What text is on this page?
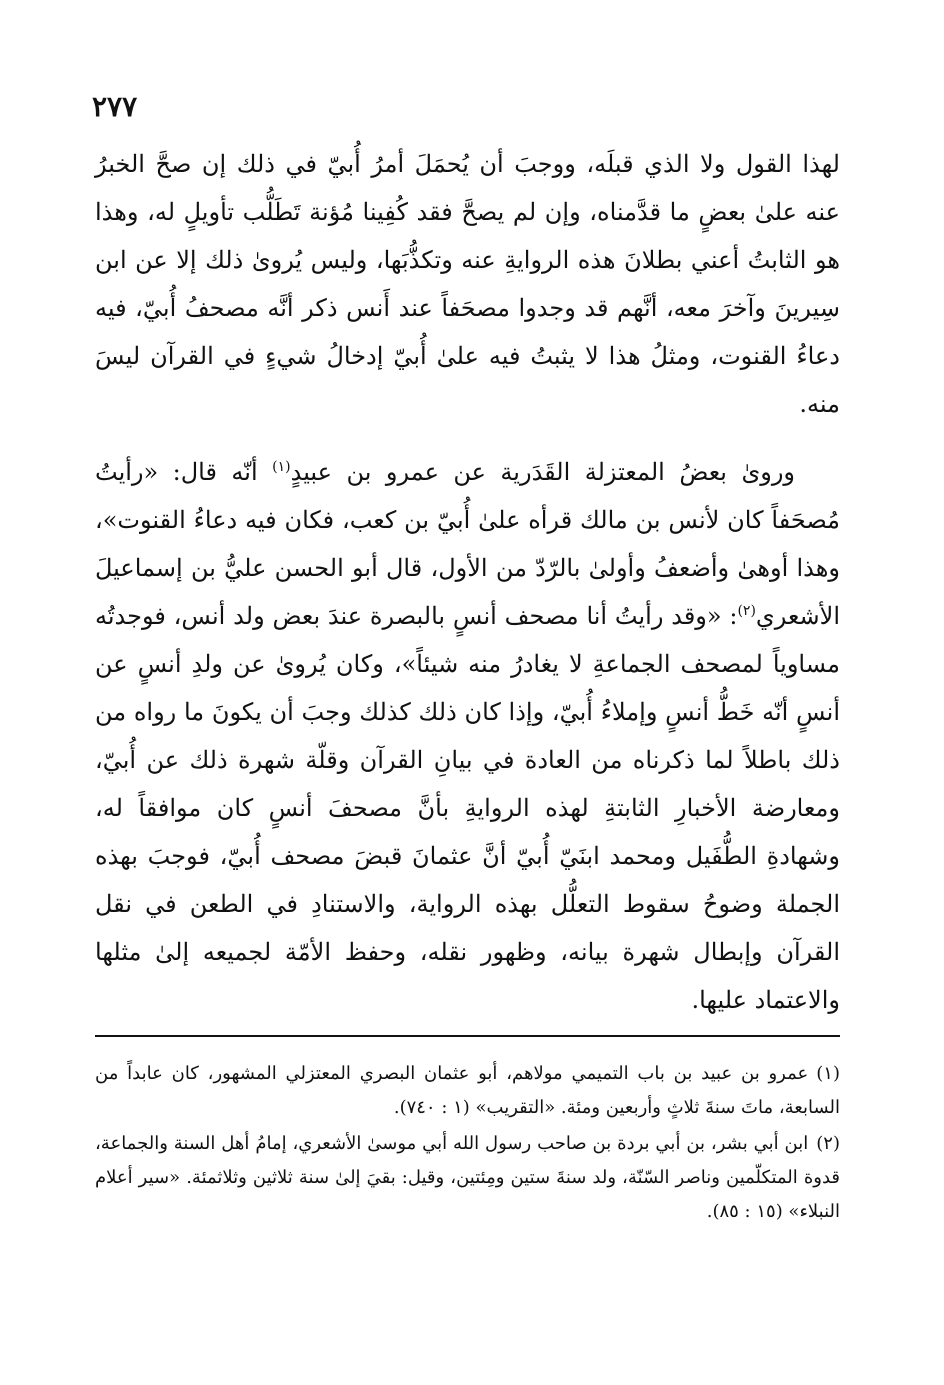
٢٧٧

لهذا القول ولا الذي قبلَه، ووجبَ أن يُحمَلَ أمرُ أُبيّ في ذلك إن صحَّ الخبرُ عنه علىٰ بعضٍ ما قدَّمناه، وإن لم يصحَّ فقد كُفِينا مُؤنة تَطَلُّب تأويلٍ له، وهذا هو الثابتُ أعني بطلانَ هذه الروايةِ عنه وتكذُّبَها، وليس يُروىٰ ذلك إلا عن ابن سِيرينَ وآخرَ معه، أنَّهم قد وجدوا مصحَفاً عند أَنس ذكر أنَّه مصحفُ أُبيّ، فيه دعاءُ القنوت، ومثلُ هذا لا يثبتُ فيه علىٰ أُبيّ إدخالُ شيءٍ في القرآن ليسَ منه.

ورویٰ بعضُ المعتزلة القَدَرية عن عمرو بن عبيدٍ$^{(١)}$ أنّه قال: «رأيتُ مُصحَفاً كان لأنس بن مالك قرأه علىٰ أُبيّ بن كعب، فكان فيه دعاءُ القنوت»، وهذا أوهىٰ وأضعفُ وأولىٰ بالرّدّ من الأول، قال أبو الحسن عليُّ بن إسماعيلَ الأشعري$^{(٢)}$: «وقد رأيتُ أنا مصحف أنسٍ بالبصرة عندَ بعض ولد أنس، فوجدتُه مساوياً لمصحف الجماعةِ لا يغادرُ منه شيئاً»، وكان يُروىٰ عن ولدِ أنسٍ عن أنسٍ أنّه خَطُّ أنسٍ وإملاءُ أُبيّ، وإذا كان ذلك كذلك وجبَ أن يكونَ ما رواه من ذلك باطلاً لما ذكرناه من العادة في بيانِ القرآن وقلّة شهرة ذلك عن أُبيّ، ومعارضة الأخبارِ الثابتةِ لهذه الروايةِ بأنَّ مصحفَ أنسٍ كان موافقاً له، وشهادةِ الطُّفَيل ومحمد ابنَيّ أُبيّ أنَّ عثمانَ قبضَ مصحف أُبيّ، فوجبَ بهذه الجملة وضوحُ سقوط التعلُّل بهذه الرواية، والاستنادِ في الطعن في نقل القرآن وإبطال شهرة بيانه، وظهور نقله، وحفظ الأمّة لجميعه إلىٰ مثلها والاعتماد عليها.

(١)عمرو بن عبيد بن باب التميمي مولاهم، أبو عثمان البصري المعتزلي المشهور، كان عابداً من السابعة، ماتَ سنةَ ثلاثٍ وأربعين ومئة. «التقريب» (١ : ٧٤٠).

(٢)ابن أبي بشر، بن أبي بردة بن صاحب رسول الله أبي موسىٰ الأشعري، إمامُ أهل السنة والجماعة، قدوة المتكلّمين وناصر السّنّة، ولد سنةَ ستين ومِئتين، وقيل: بقيَ إلىٰ سنة ثلاثين وثلاثمئة. «سير أعلام النبلاء» (١٥ : ٨٥).
